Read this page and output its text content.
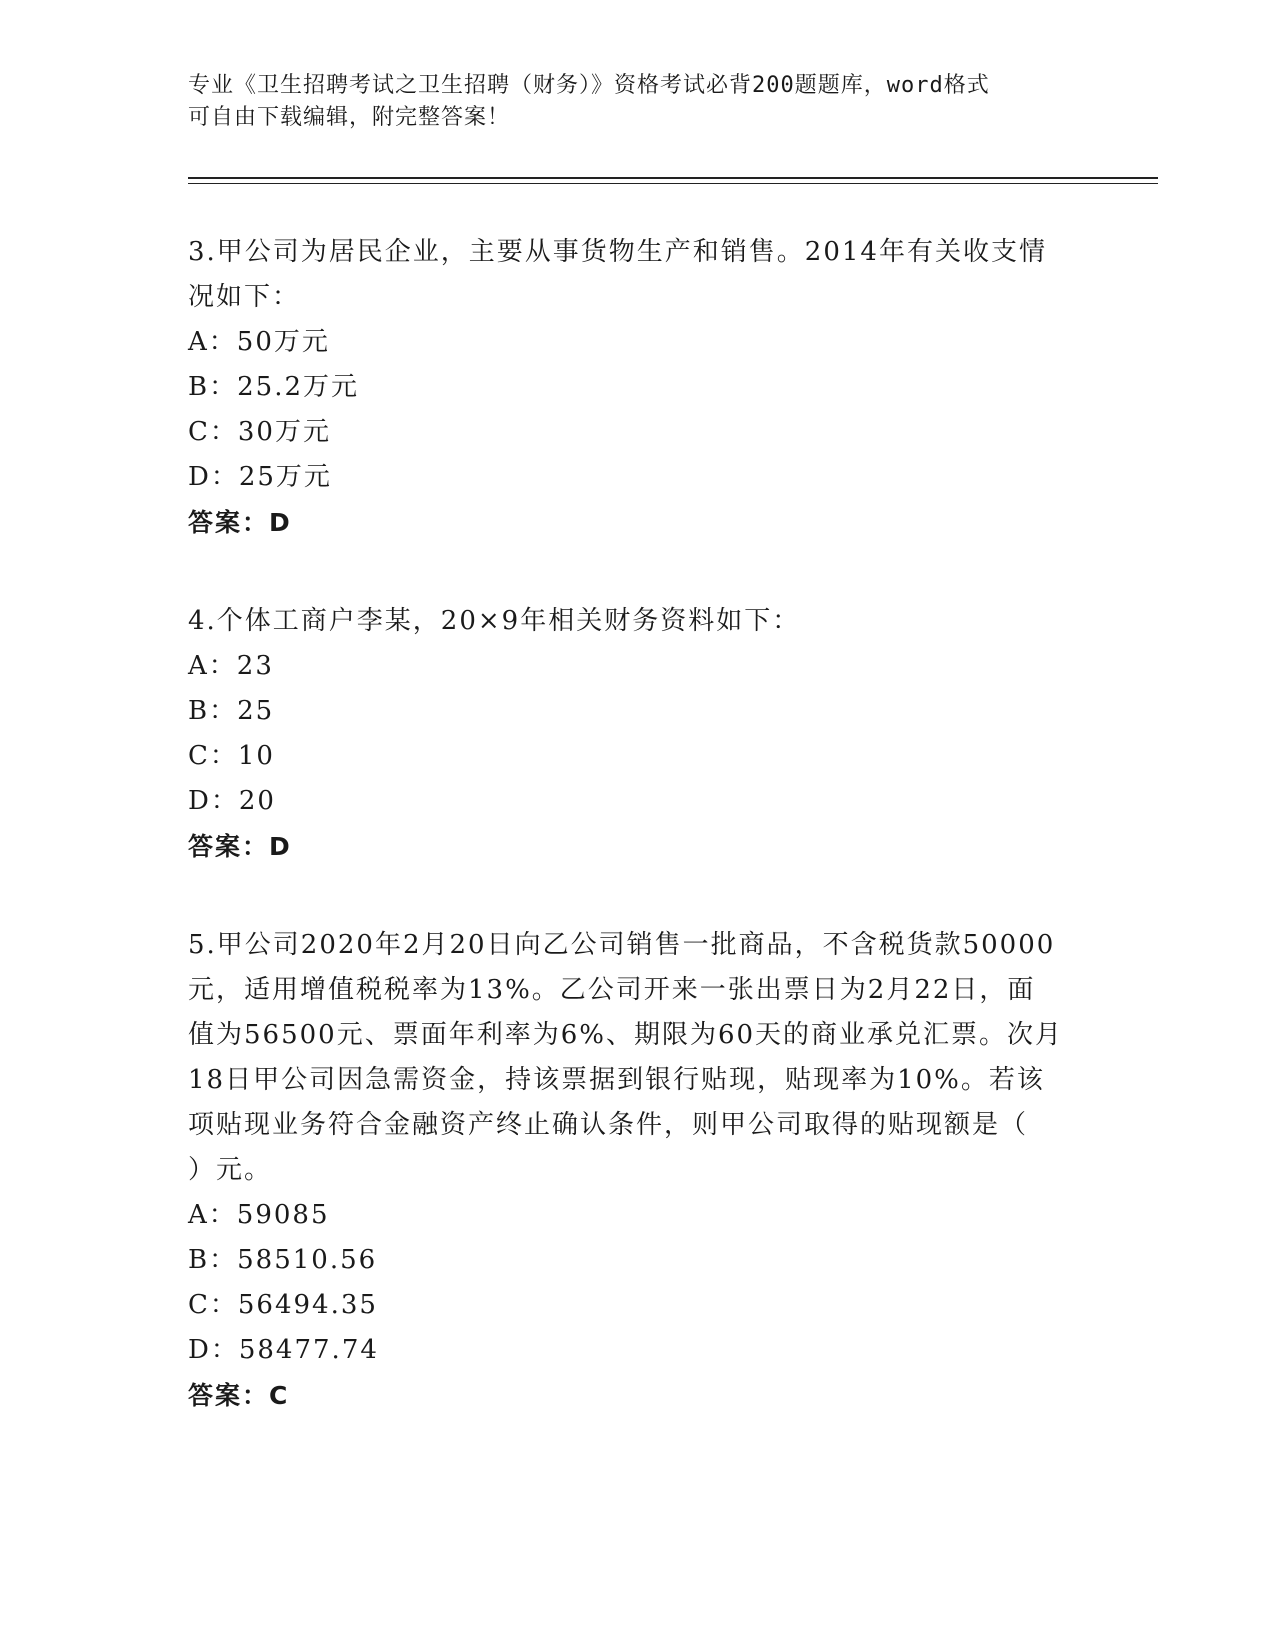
专业《卫生招聘考试之卫生招聘（财务）》资格考试必背200题题库，word格式
可自由下载编辑，附完整答案！
3.甲公司为居民企业，主要从事货物生产和销售。2014年有关收支情
况如下：
A：50万元
B：25.2万元
C：30万元
D：25万元
答案：D
4.个体工商户李某，20×9年相关财务资料如下：
A：23
B：25
C：10
D：20
答案：D
5.甲公司2020年2月20日向乙公司销售一批商品，不含税货款50000
元，适用增值税税率为13%。乙公司开来一张出票日为2月22日，面
值为56500元、票面年利率为6%、期限为60天的商业承兑汇票。次月
18日甲公司因急需资金，持该票据到银行贴现，贴现率为10%。若该
项贴现业务符合金融资产终止确认条件，则甲公司取得的贴现额是（
）元。
A：59085
B：58510.56
C：56494.35
D：58477.74
答案：C
